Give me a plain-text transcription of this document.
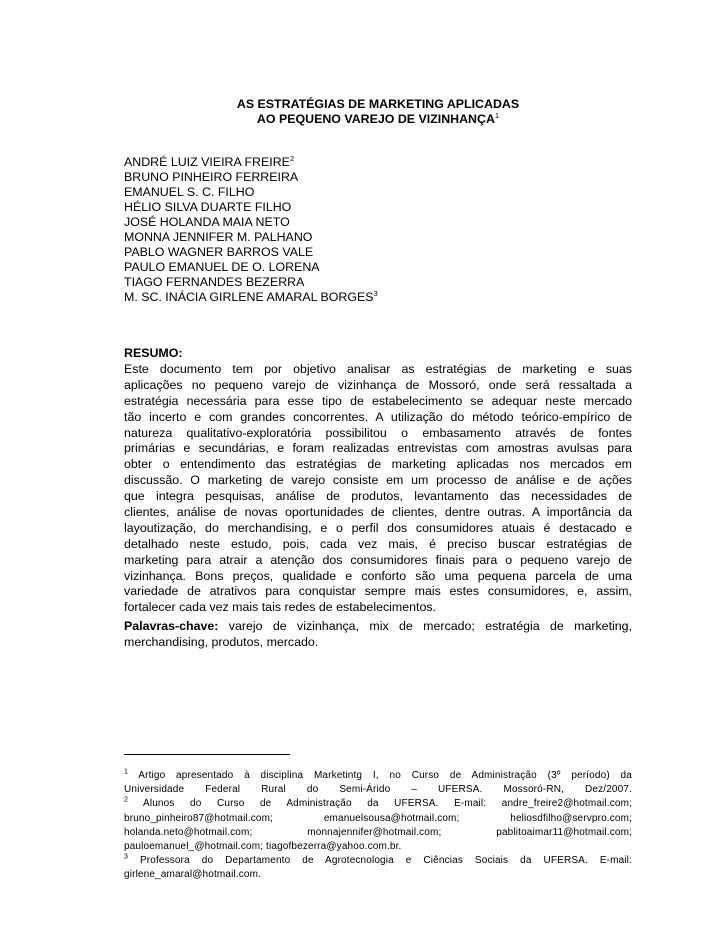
AS ESTRATÉGIAS DE MARKETING APLICADAS
AO PEQUENO VAREJO DE VIZINHANÇA$^1$
ANDRÉ LUIZ VIEIRA FREIRE$^2$
BRUNO PINHEIRO FERREIRA
EMANUEL S. C. FILHO
HÉLIO SILVA DUARTE FILHO
JOSÉ HOLANDA MAIA NETO
MONNA JENNIFER M. PALHANO
PABLO WAGNER BARROS VALE
PAULO EMANUEL DE O. LORENA
TIAGO FERNANDES BEZERRA
M. SC. INÁCIA GIRLENE AMARAL BORGES$^3$
RESUMO:
Este documento tem por objetivo analisar as estratégias de marketing e suas
aplicações no pequeno varejo de vizinhança de Mossoró, onde será ressaltada a
estratégia necessária para esse tipo de estabelecimento se adequar neste mercado
tão incerto e com grandes concorrentes. A utilização do método teórico-empírico de
natureza qualitativo-exploratória possibilitou o embasamento através de fontes
primárias e secundárias, e foram realizadas entrevistas com amostras avulsas para
obter o entendimento das estratégias de marketing aplicadas nos mercados em
discussão. O marketing de varejo consiste em um processo de análise e de ações
que integra pesquisas, análise de produtos, levantamento das necessidades de
clientes, análise de novas oportunidades de clientes, dentre outras. A importância da
layoutização, do merchandising, e o perfil dos consumidores atuais é destacado e
detalhado neste estudo, pois, cada vez mais, é preciso buscar estratégias de
marketing para atrair a atenção dos consumidores finais para o pequeno varejo de
vizinhança. Bons preços, qualidade e conforto são uma pequena parcela de uma
variedade de atrativos para conquistar sempre mais estes consumidores, e, assim,
fortalecer cada vez mais tais redes de estabelecimentos.
Palavras-chave: varejo de vizinhança, mix de mercado; estratégia de marketing,
merchandising, produtos, mercado.
$^1$ Artigo apresentado à disciplina Marketintg I, no Curso de Administração (3º período) da
Universidade Federal Rural do Semi-Árido – UFERSA. Mossoró-RN, Dez/2007.
$^2$ Alunos do Curso de Administração da UFERSA. E-mail: andre_freire2@hotmail.com;
bruno_pinheiro87@hotmail.com; emanuelsousa@hotmail.com; heliosdfilho@servpro.com;
holanda.neto@hotmail.com; monnajennifer@hotmail.com; pablitoaimar11@hotmail.com;
pauloemanuel_@hotmail.com; tiagofbezerra@yahoo.com.br.
$^3$ Professora do Departamento de Agrotecnologia e Ciências Sociais da UFERSA. E-mail:
girlene_amaral@hotmail.com.
